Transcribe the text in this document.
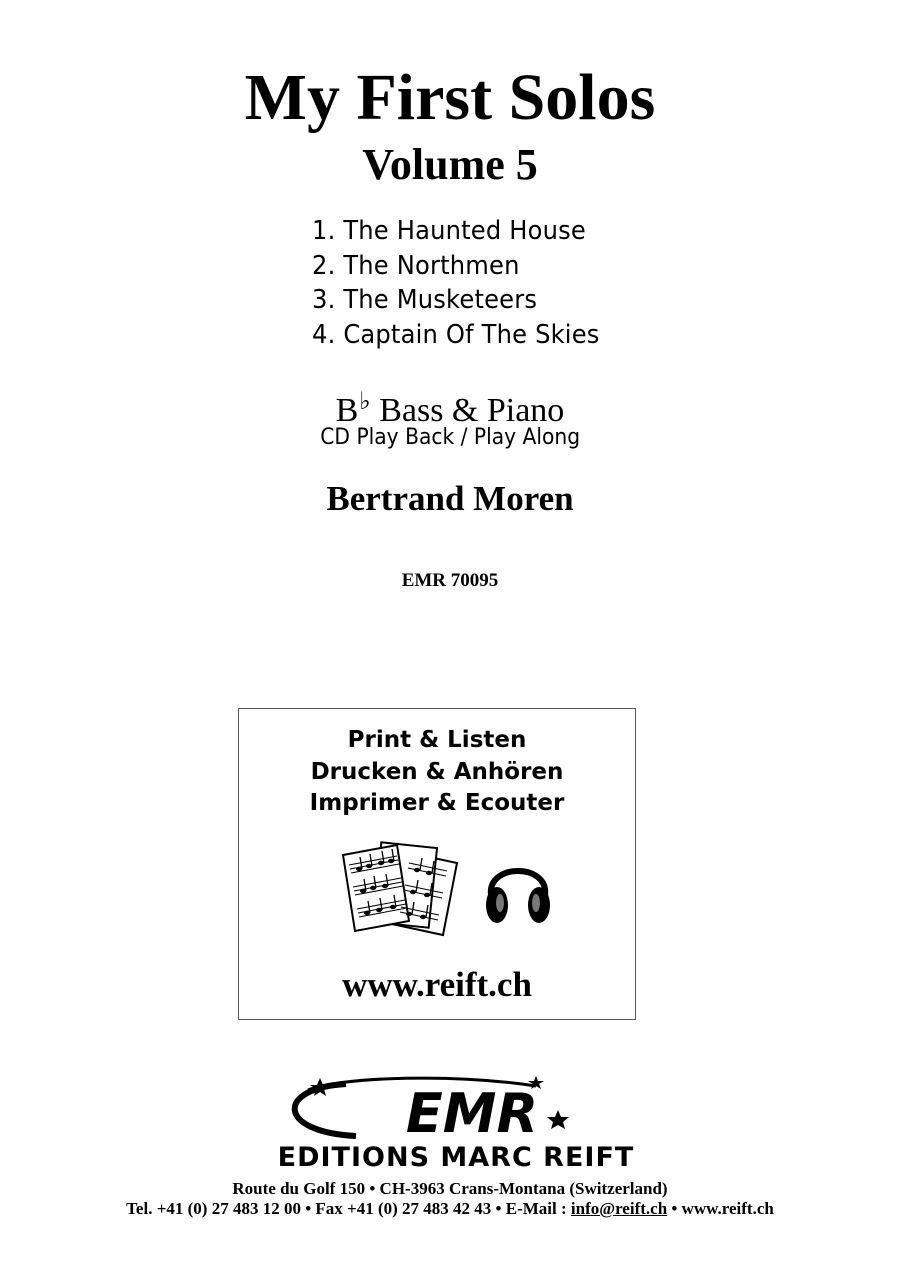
My First Solos
Volume 5
1. The Haunted House
2. The Northmen
3. The Musketeers
4. Captain Of The Skies
B♭ Bass & Piano
CD Play Back / Play Along
Bertrand Moren
EMR 70095
Print & Listen
Drucken & Anhören
Imprimer & Ecouter
www.reift.ch
EMR
EDITIONS MARC REIFT
Route du Golf 150 • CH-3963 Crans-Montana (Switzerland)
Tel. +41 (0) 27 483 12 00 • Fax +41 (0) 27 483 42 43 • E-Mail : info@reift.ch • www.reift.ch
